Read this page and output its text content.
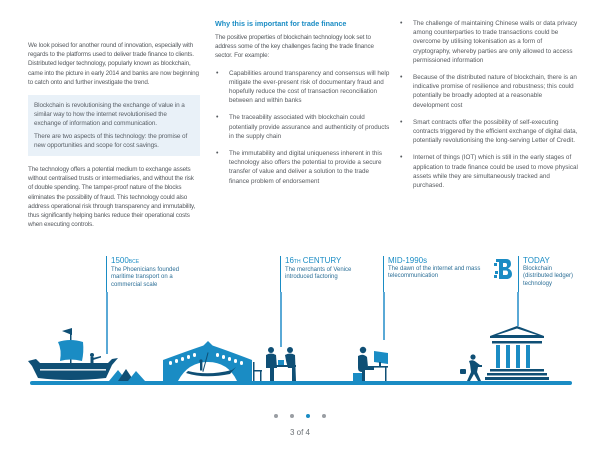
We look poised for another round of innovation, especially with regards to the platforms used to deliver trade finance to clients. Distributed ledger technology, popularly known as blockchain, came into the picture in early 2014 and banks are now beginning to catch onto and further investigate the trend.

Blockchain is revolutionising the exchange of value in a similar way to how the internet revolutionised the exchange of information and communication.

There are two aspects of this technology: the promise of new opportunities and scope for cost savings.

The technology offers a potential medium to exchange assets without centralised trusts or intermediaries, and without the risk of double spending. The tamper-proof nature of the blocks eliminates the possibility of fraud. This technology could also address operational risk through transparency and immutability, thus significantly helping banks reduce their operational costs when executing controls.

Why this is important for trade finance

The positive properties of blockchain technology look set to address some of the key challenges facing the trade finance sector. For example:

• Capabilities around transparency and consensus will help mitigate the ever-present risk of documentary fraud and hopefully reduce the cost of transaction reconciliation between and within banks
• The traceability associated with blockchain could potentially provide assurance and authenticity of products in the supply chain
• The immutability and digital uniqueness inherent in this technology also offers the potential to provide a secure transfer of value and deliver a solution to the trade finance problem of endorsement
• The challenge of maintaining Chinese walls or data privacy among counterparties to trade transactions could be overcome by utilising tokenisation as a form of cryptography, whereby parties are only allowed to access permissioned information
• Because of the distributed nature of blockchain, there is an indicative promise of resilience and robustness; this could potentially be broadly adopted at a reasonable development cost
• Smart contracts offer the possibility of self-executing contracts triggered by the efficient exchange of digital data, potentially revolutionising the long-serving Letter of Credit.
• Internet of things (IOT) which is still in the early stages of application to trade finance could be used to move physical assets while they are simultaneously tracked and purchased.
1500BCE
The Phoenicians founded maritime transport on a commercial scale
16TH CENTURY
The merchants of Venice introduced factoring
MID-1990s
The dawn of the internet and mass telecommunication
TODAY
Blockchain (distributed ledger) technology
3 of 4
